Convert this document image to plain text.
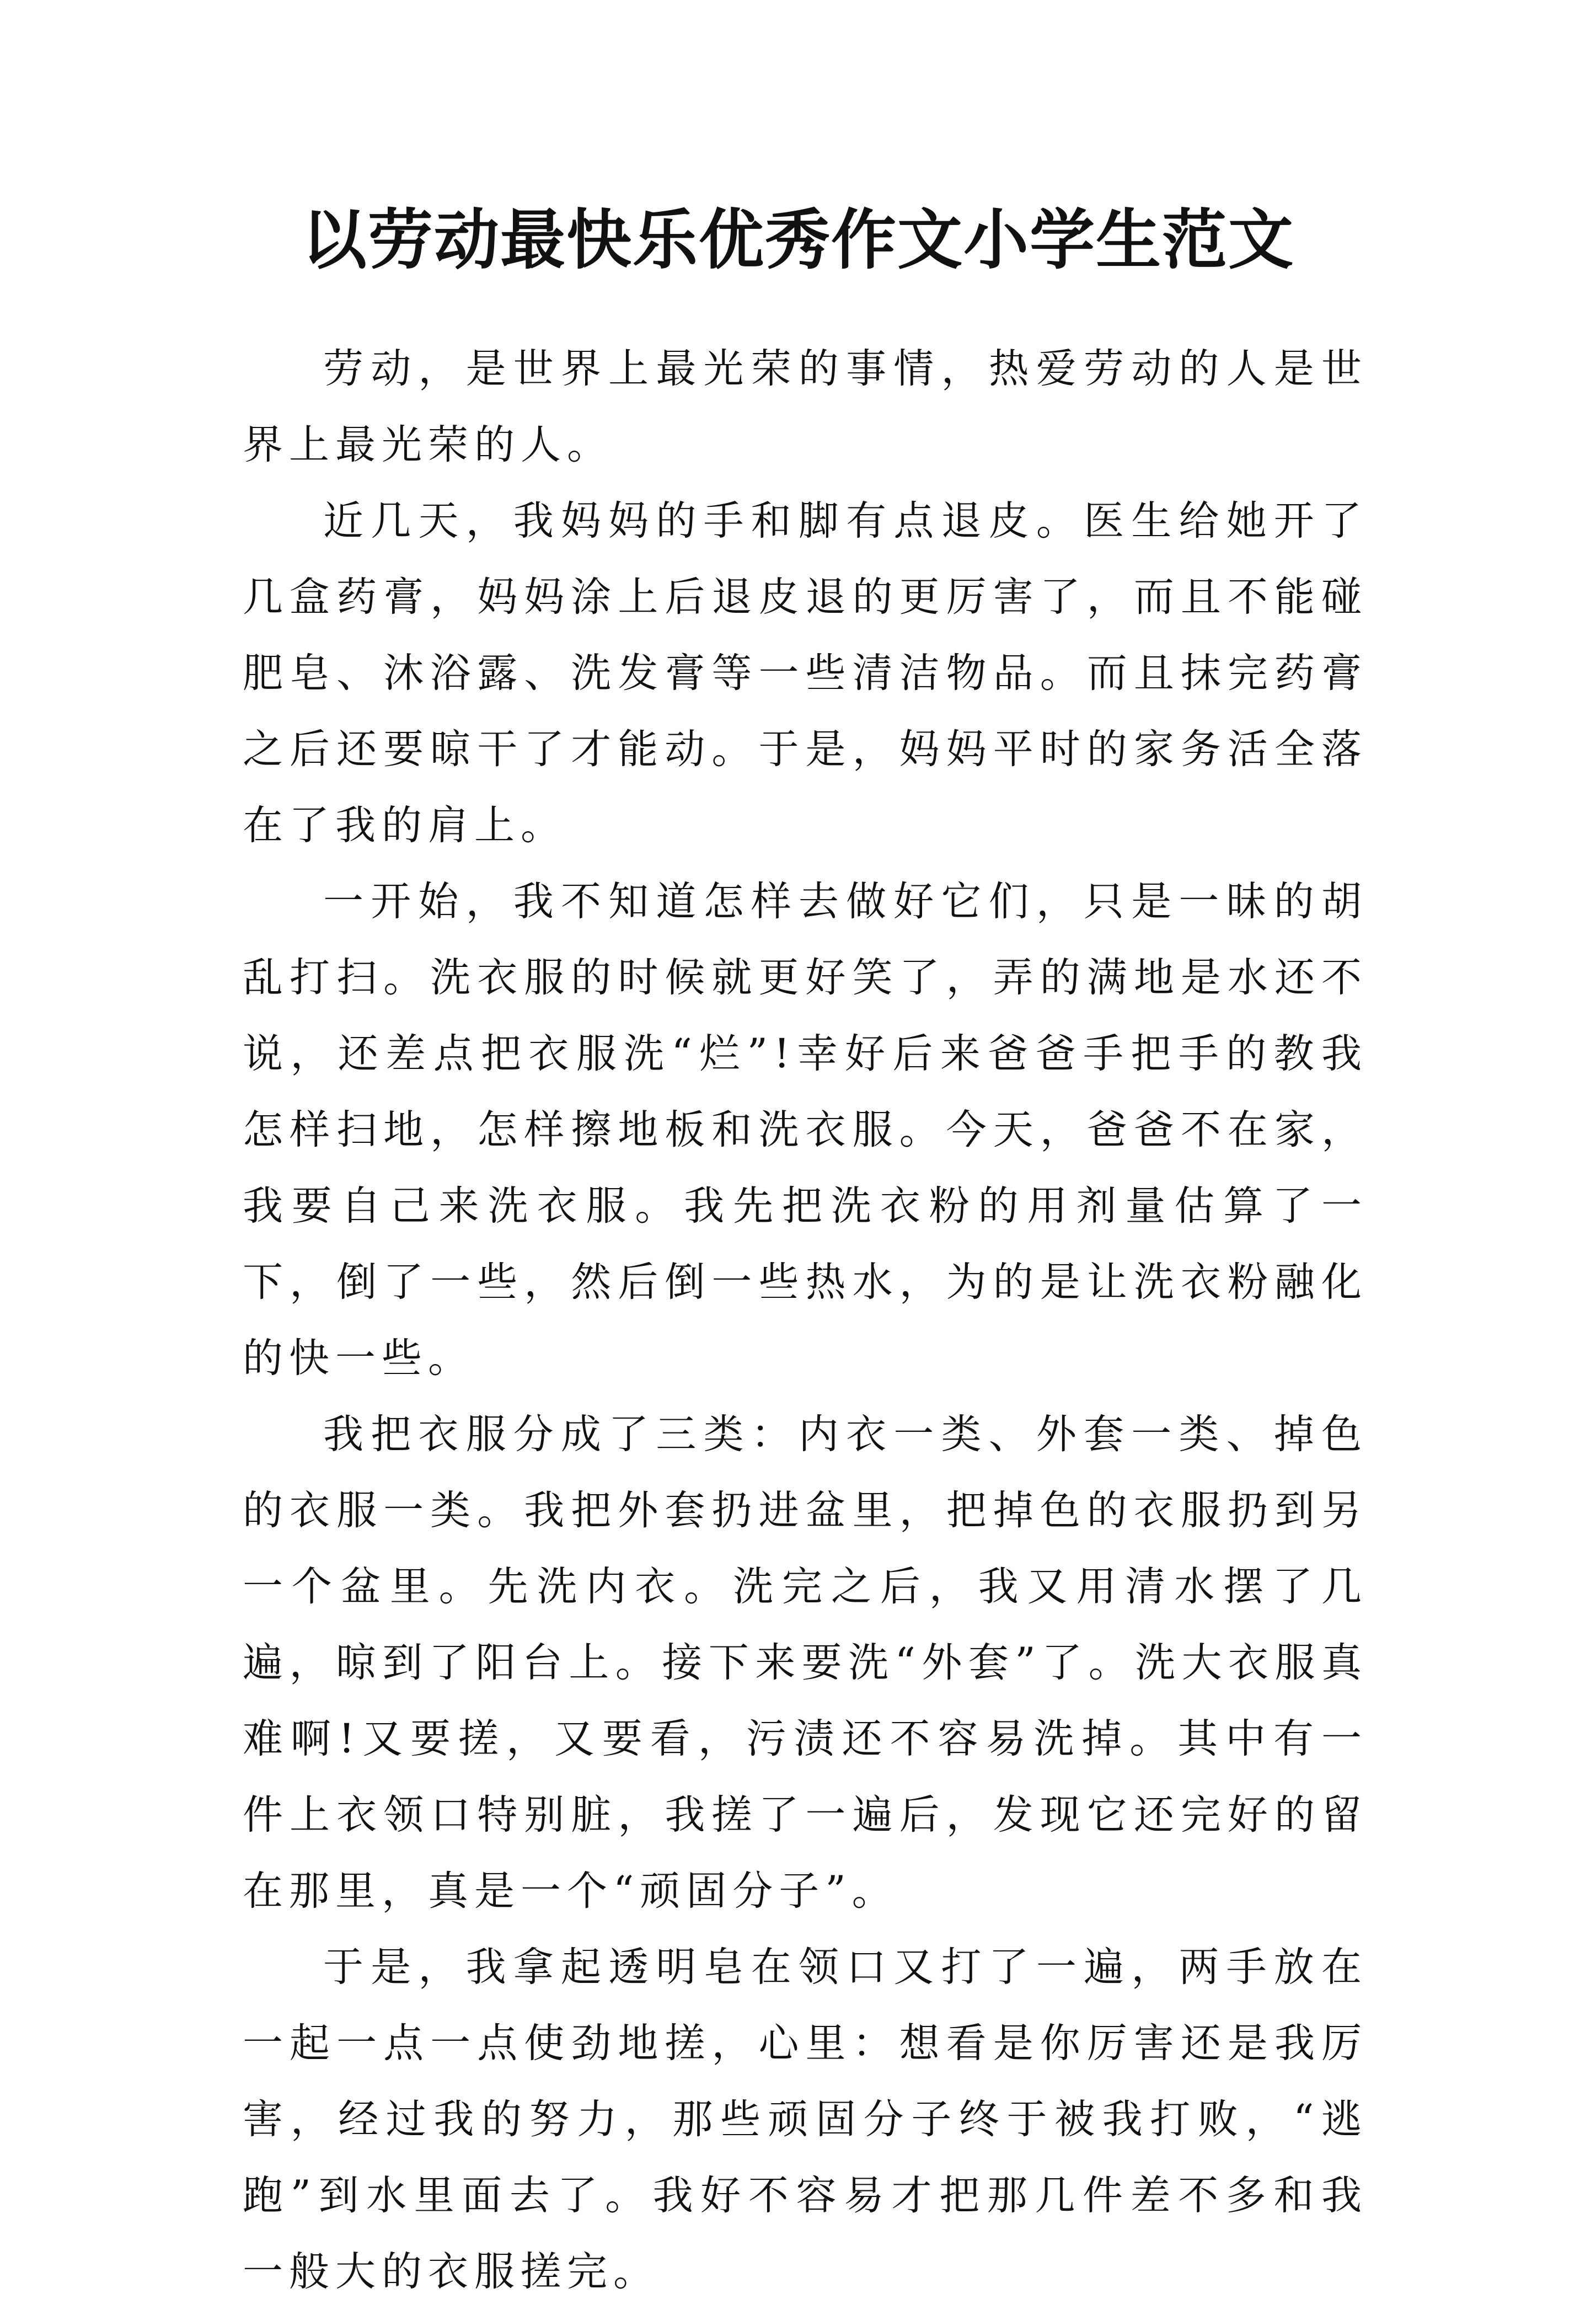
以劳动最快乐优秀作文小学生范文

劳动，是世界上最光荣的事情，热爱劳动的人是世界上最光荣的人。

近几天，我妈妈的手和脚有点退皮。医生给她开了几盒药膏，妈妈涂上后退皮退的更厉害了，而且不能碰肥皂、沐浴露、洗发膏等一些清洁物品。而且抹完药膏之后还要晾干了才能动。于是，妈妈平时的家务活全落在了我的肩上。

一开始，我不知道怎样去做好它们，只是一昧的胡乱打扫。洗衣服的时候就更好笑了，弄的满地是水还不说，还差点把衣服洗“烂”!幸好后来爸爸手把手的教我怎样扫地，怎样擦地板和洗衣服。今天，爸爸不在家，我要自己来洗衣服。我先把洗衣粉的用剂量估算了一下，倒了一些，然后倒一些热水，为的是让洗衣粉融化的快一些。

我把衣服分成了三类：内衣一类、外套一类、掉色的衣服一类。我把外套扔进盆里，把掉色的衣服扔到另一个盆里。先洗内衣。洗完之后，我又用清水摆了几遍，晾到了阳台上。接下来要洗“外套”了。洗大衣服真难啊!又要搓，又要看，污渍还不容易洗掉。其中有一件上衣领口特别脏，我搓了一遍后，发现它还完好的留在那里，真是一个“顽固分子”。

于是，我拿起透明皂在领口又打了一遍，两手放在一起一点一点使劲地搓，心里：想看是你厉害还是我厉害，经过我的努力，那些顽固分子终于被我打败，“逃跑”到水里面去了。我好不容易才把那几件差不多和我一般大的衣服搓完。
